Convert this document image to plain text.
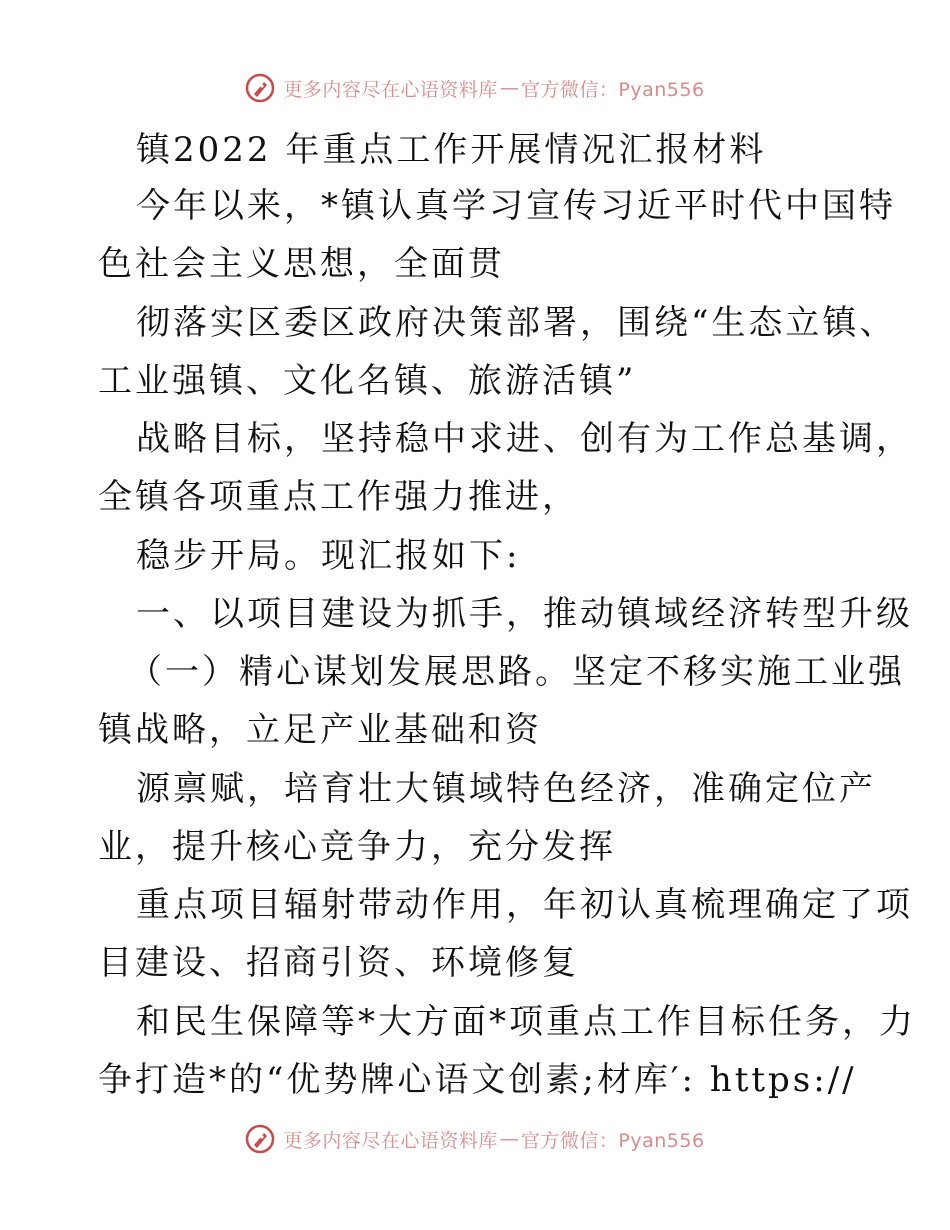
更多内容尽在心语资料库 — 官方微信：Pyan556
镇2022 年重点工作开展情况汇报材料
今年以来，*镇认真学习宣传习近平时代中国特
色社会主义思想，全面贯
彻落实区委区政府决策部署，围绕“生态立镇、
工业强镇、文化名镇、旅游活镇”
战略目标，坚持稳中求进、创有为工作总基调，
全镇各项重点工作强力推进，
稳步开局。现汇报如下:
一、以项目建设为抓手，推动镇域经济转型升级
（一）精心谋划发展思路。坚定不移实施工业强
镇战略，立足产业基础和资
源禀赋，培育壮大镇域特色经济，准确定位产
业，提升核心竞争力，充分发挥
重点项目辐射带动作用，年初认真梳理确定了项
目建设、招商引资、环境修复
和民生保障等*大方面*项重点工作目标任务，力
争打造*的“优势牌心语文创素;材库′: https://
更多内容尽在心语资料库 — 官方微信：Pyan556
